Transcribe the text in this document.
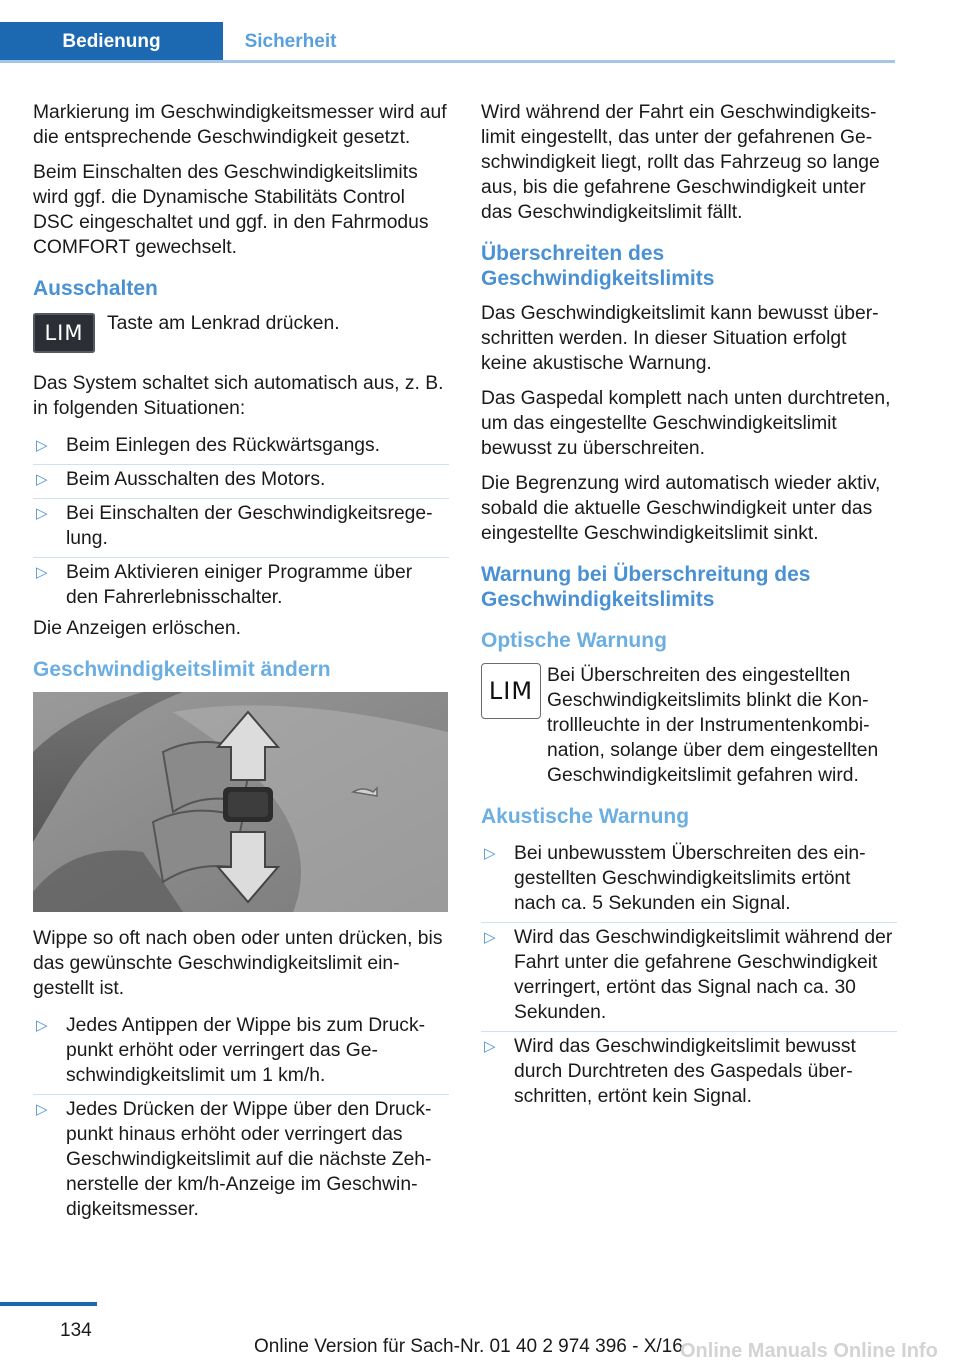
Bedienung	Sicherheit

Markierung im Geschwindigkeitsmesser wird auf die entsprechende Geschwindigkeit gesetzt.

Beim Einschalten des Geschwindigkeitslimits wird ggf. die Dynamische Stabilitäts Control DSC eingeschaltet und ggf. in den Fahrmodus COMFORT gewechselt.

Ausschalten
LIM Taste am Lenkrad drücken.

Das System schaltet sich automatisch aus, z. B. in folgenden Situationen:

▷ Beim Einlegen des Rückwärtsgangs.
▷ Beim Ausschalten des Motors.
▷ Bei Einschalten der Geschwindigkeitsregelung.
▷ Beim Aktivieren einiger Programme über den Fahrerlebnisschalter.

Die Anzeigen erlöschen.

Geschwindigkeitslimit ändern

Wippe so oft nach oben oder unten drücken, bis das gewünschte Geschwindigkeitslimit eingestellt ist.

▷ Jedes Antippen der Wippe bis zum Druckpunkt erhöht oder verringert das Geschwindigkeitslimit um 1 km/h.
▷ Jedes Drücken der Wippe über den Druckpunkt hinaus erhöht oder verringert das Geschwindigkeitslimit auf die nächste Zehnerstelle der km/h-Anzeige im Geschwindigkeitsmesser.

Wird während der Fahrt ein Geschwindigkeitslimit eingestellt, das unter der gefahrenen Geschwindigkeit liegt, rollt das Fahrzeug so lange aus, bis die gefahrene Geschwindigkeit unter das Geschwindigkeitslimit fällt.

Überschreiten des Geschwindigkeitslimits

Das Geschwindigkeitslimit kann bewusst überschritten werden. In dieser Situation erfolgt keine akustische Warnung.

Das Gaspedal komplett nach unten durchtreten, um das eingestellte Geschwindigkeitslimit bewusst zu überschreiten.

Die Begrenzung wird automatisch wieder aktiv, sobald die aktuelle Geschwindigkeit unter das eingestellte Geschwindigkeitslimit sinkt.

Warnung bei Überschreitung des Geschwindigkeitslimits
Optische Warnung
LIM
Bei Überschreiten des eingestellten Geschwindigkeitslimits blinkt die Kontrollleuchte in der Instrumentenkombination, solange über dem eingestellten Geschwindigkeitslimit gefahren wird.
Akustische Warnung
▷ Bei unbewusstem Überschreiten des eingestellten Geschwindigkeitslimits ertönt nach ca. 5 Sekunden ein Signal.
▷ Wird das Geschwindigkeitslimit während der Fahrt unter die gefahrene Geschwindigkeit verringert, ertönt das Signal nach ca. 30 Sekunden.
▷ Wird das Geschwindigkeitslimit bewusst durch Durchtreten des Gaspedals überschritten, ertönt kein Signal.
134
Online Version für Sach-Nr. 01 40 2 974 396 - X/16
Online Manuals Online Info
